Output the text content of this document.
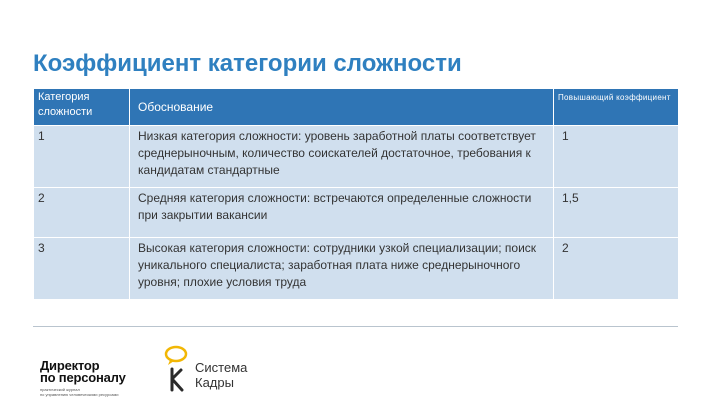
Коэффициент категории сложности
Категория сложности	Обоснование	Повышающий коэффициент
1	Низкая категория сложности: уровень заработной платы соответствует среднерыночным, количество соискателей достаточное, требования к кандидатам стандартные	1
2	Средняя категория сложности: встречаются определенные сложности при закрытии вакансии	1,5
3	Высокая категория сложности: сотрудники узкой специализации; поиск уникального специалиста; заработная плата ниже среднерыночного уровня; плохие условия труда	2
Директор
по персоналу
практический журнал
по управлению человеческими ресурсами
Система
Кадры
